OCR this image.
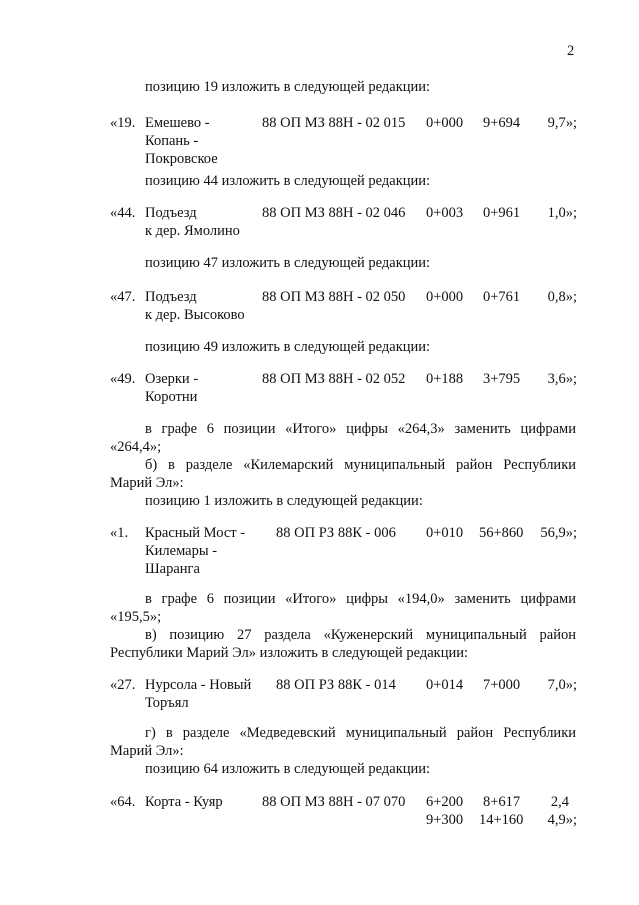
2
позицию 19 изложить в следующей редакции:
«19. Емешево -
Копань -
Покровское
88 ОП МЗ 88Н - 02 015 0+000 9+694 9,7»;
позицию 44 изложить в следующей редакции:
«44. Подъезд
к дер. Ямолино
88 ОП МЗ 88Н - 02 046 0+003 0+961 1,0»;
позицию 47 изложить в следующей редакции:
«47. Подъезд
к дер. Высоково
88 ОП МЗ 88Н - 02 050 0+000 0+761 0,8»;
позицию 49 изложить в следующей редакции:
«49. Озерки -
Коротни
88 ОП МЗ 88Н - 02 052 0+188 3+795 3,6»;
в графе 6 позиции «Итого» цифры «264,3» заменить цифрами
«264,4»;
б) в разделе «Килемарский муниципальный район Республики
Марий Эл»:
позицию 1 изложить в следующей редакции:
«1. Красный Мост -
Килемары -
Шаранга
88 ОП РЗ 88К - 006 0+010 56+860 56,9»;
в графе 6 позиции «Итого» цифры «194,0» заменить цифрами
«195,5»;
в) позицию 27 раздела «Куженерский муниципальный район
Республики Марий Эл» изложить в следующей редакции:
«27. Нурсола - Новый
Торъял
88 ОП РЗ 88К - 014 0+014 7+000 7,0»;
г) в разделе «Медведевский муниципальный район Республики
Марий Эл»:
позицию 64 изложить в следующей редакции:
«64. Корта - Куяр	88 ОП МЗ 88Н - 07 070 6+200 8+617 2,4
9+300 14+160 4,9»;
